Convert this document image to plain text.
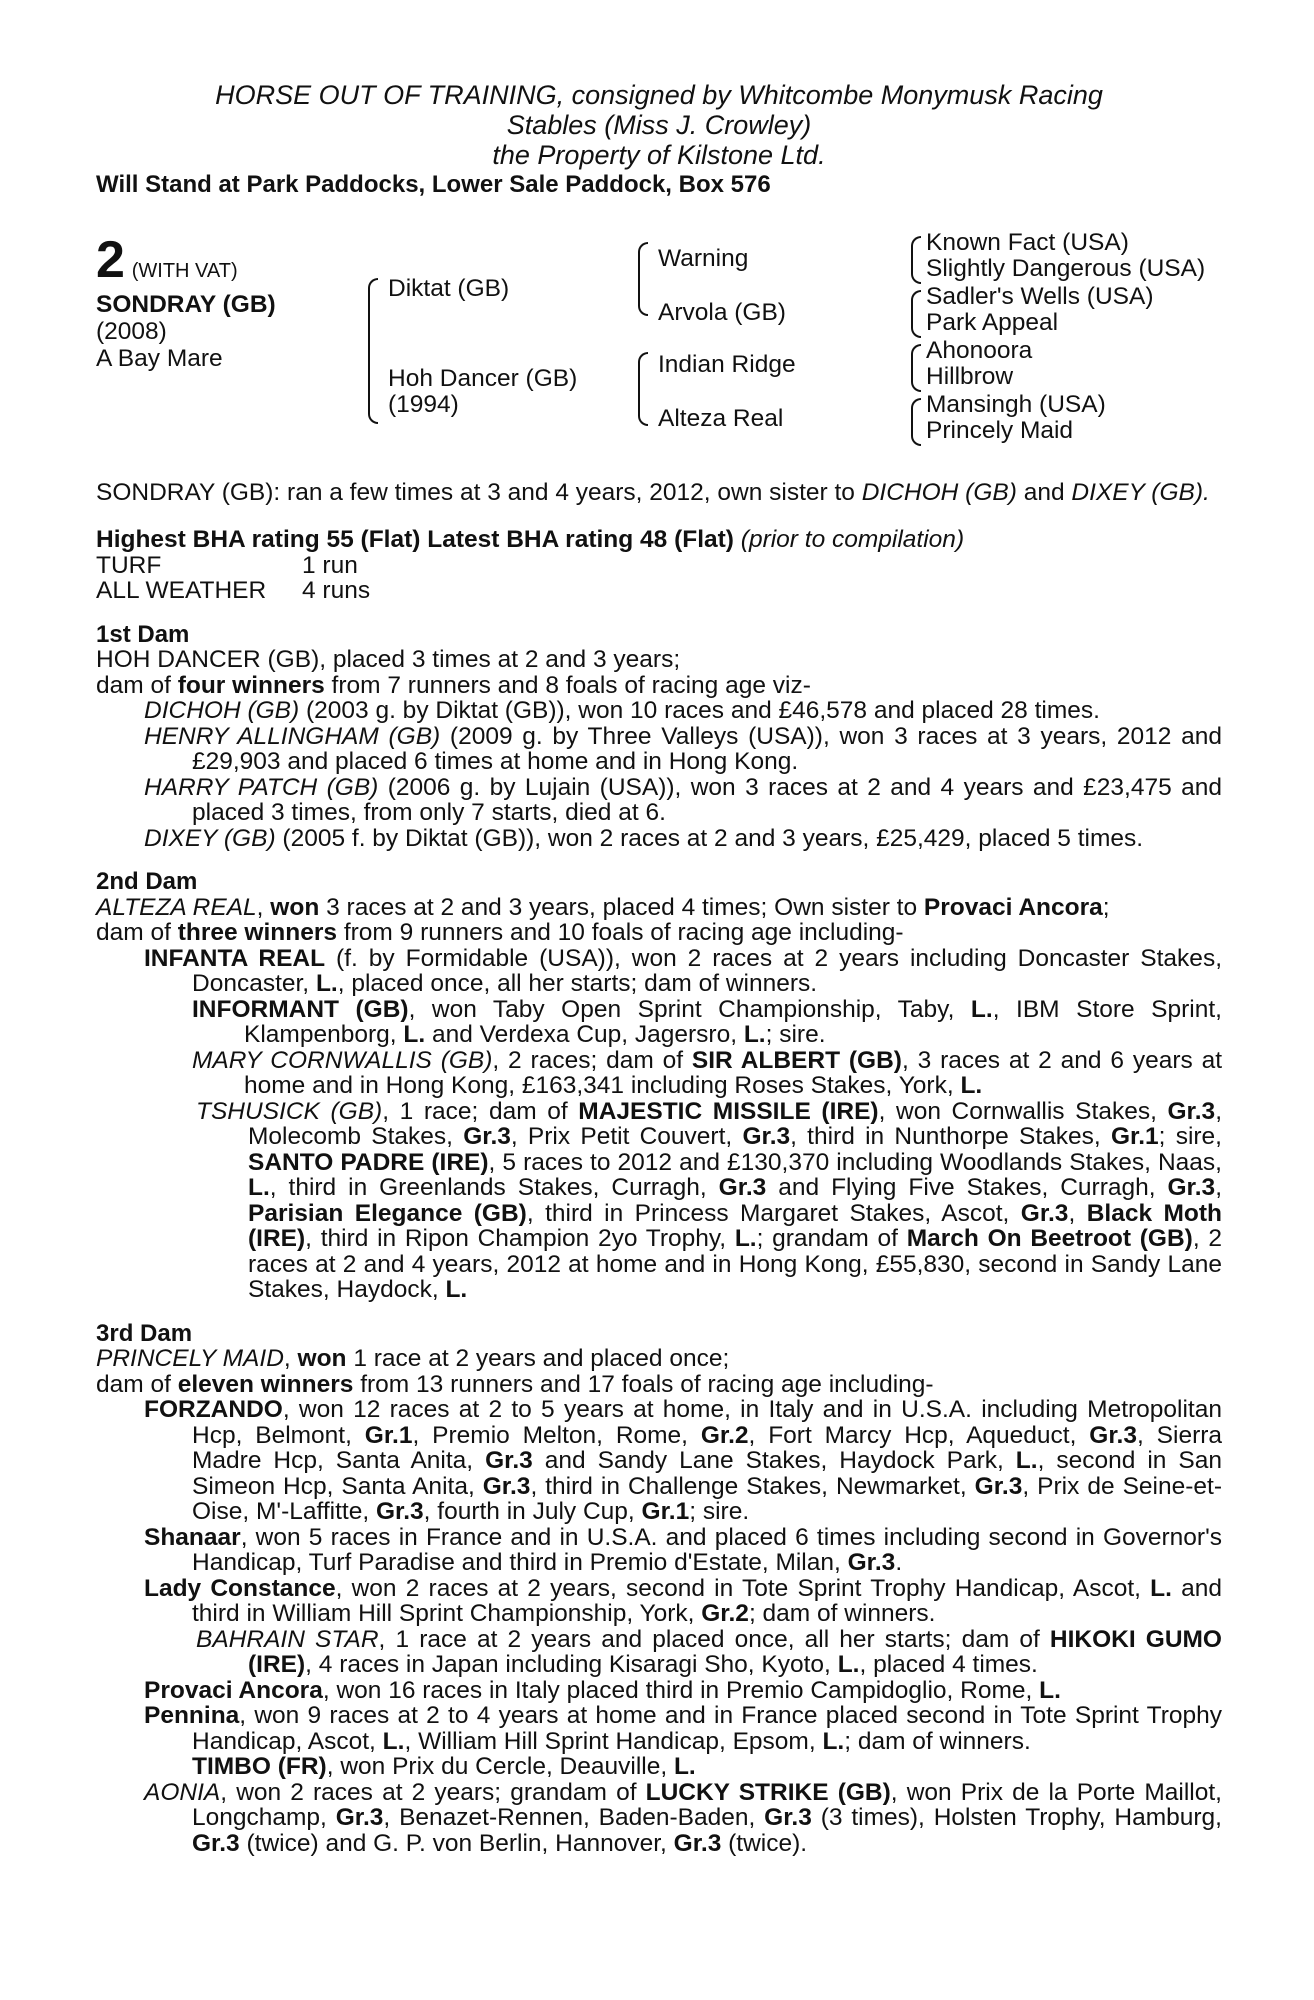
HORSE OUT OF TRAINING, consigned by Whitcombe Monymusk Racing
Stables (Miss J. Crowley)
the Property of Kilstone Ltd.
Will Stand at Park Paddocks, Lower Sale Paddock, Box 576
2 (WITH VAT)
SONDRAY (GB)
(2008)
A Bay Mare
Diktat (GB)
Hoh Dancer (GB)
(1994)
Warning
Arvola (GB)
Indian Ridge
Alteza Real
Known Fact (USA)
Slightly Dangerous (USA)
Sadler's Wells (USA)
Park Appeal
Ahonoora
Hillbrow
Mansingh (USA)
Princely Maid

SONDRAY (GB): ran a few times at 3 and 4 years, 2012, own sister to DICHOH (GB) and DIXEY (GB).

Highest BHA rating 55 (Flat) Latest BHA rating 48 (Flat) (prior to compilation)

TURF	1 run
ALL WEATHER	4 runs
1st Dam

HOH DANCER (GB), placed 3 times at 2 and 3 years;

dam of four winners from 7 runners and 8 foals of racing age viz-

DICHOH (GB) (2003 g. by Diktat (GB)), won 10 races and £46,578 and placed 28 times.

HENRY ALLINGHAM (GB) (2009 g. by Three Valleys (USA)), won 3 races at 3 years, 2012 and £29,903 and placed 6 times at home and in Hong Kong.

HARRY PATCH (GB) (2006 g. by Lujain (USA)), won 3 races at 2 and 4 years and £23,475 and placed 3 times, from only 7 starts, died at 6.

DIXEY (GB) (2005 f. by Diktat (GB)), won 2 races at 2 and 3 years, £25,429, placed 5 times.

2nd Dam

ALTEZA REAL, won 3 races at 2 and 3 years, placed 4 times; Own sister to Provaci Ancora;

dam of three winners from 9 runners and 10 foals of racing age including-

INFANTA REAL (f. by Formidable (USA)), won 2 races at 2 years including Doncaster Stakes, Doncaster, L., placed once, all her starts; dam of winners.

INFORMANT (GB), won Taby Open Sprint Championship, Taby, L., IBM Store Sprint, Klampenborg, L. and Verdexa Cup, Jagersro, L.; sire.

MARY CORNWALLIS (GB), 2 races; dam of SIR ALBERT (GB), 3 races at 2 and 6 years at home and in Hong Kong, £163,341 including Roses Stakes, York, L.

TSHUSICK (GB), 1 race; dam of MAJESTIC MISSILE (IRE), won Cornwallis Stakes, Gr.3, Molecomb Stakes, Gr.3, Prix Petit Couvert, Gr.3, third in Nunthorpe Stakes, Gr.1; sire, SANTO PADRE (IRE), 5 races to 2012 and £130,370 including Woodlands Stakes, Naas, L., third in Greenlands Stakes, Curragh, Gr.3 and Flying Five Stakes, Curragh, Gr.3, Parisian Elegance (GB), third in Princess Margaret Stakes, Ascot, Gr.3, Black Moth (IRE), third in Ripon Champion 2yo Trophy, L.; grandam of March On Beetroot (GB), 2 races at 2 and 4 years, 2012 at home and in Hong Kong, £55,830, second in Sandy Lane Stakes, Haydock, L.

3rd Dam

PRINCELY MAID, won 1 race at 2 years and placed once;

dam of eleven winners from 13 runners and 17 foals of racing age including-

FORZANDO, won 12 races at 2 to 5 years at home, in Italy and in U.S.A. including Metropolitan Hcp, Belmont, Gr.1, Premio Melton, Rome, Gr.2, Fort Marcy Hcp, Aqueduct, Gr.3, Sierra Madre Hcp, Santa Anita, Gr.3 and Sandy Lane Stakes, Haydock Park, L., second in San Simeon Hcp, Santa Anita, Gr.3, third in Challenge Stakes, Newmarket, Gr.3, Prix de Seine-et-Oise, M'-Laffitte, Gr.3, fourth in July Cup, Gr.1; sire.

Shanaar, won 5 races in France and in U.S.A. and placed 6 times including second in Governor's Handicap, Turf Paradise and third in Premio d'Estate, Milan, Gr.3.

Lady Constance, won 2 races at 2 years, second in Tote Sprint Trophy Handicap, Ascot, L. and third in William Hill Sprint Championship, York, Gr.2; dam of winners.

BAHRAIN STAR, 1 race at 2 years and placed once, all her starts; dam of HIKOKI GUMO (IRE), 4 races in Japan including Kisaragi Sho, Kyoto, L., placed 4 times.

Provaci Ancora, won 16 races in Italy placed third in Premio Campidoglio, Rome, L.

Pennina, won 9 races at 2 to 4 years at home and in France placed second in Tote Sprint Trophy Handicap, Ascot, L., William Hill Sprint Handicap, Epsom, L.; dam of winners.

TIMBO (FR), won Prix du Cercle, Deauville, L.

AONIA, won 2 races at 2 years; grandam of LUCKY STRIKE (GB), won Prix de la Porte Maillot, Longchamp, Gr.3, Benazet-Rennen, Baden-Baden, Gr.3 (3 times), Holsten Trophy, Hamburg, Gr.3 (twice) and G. P. von Berlin, Hannover, Gr.3 (twice).
